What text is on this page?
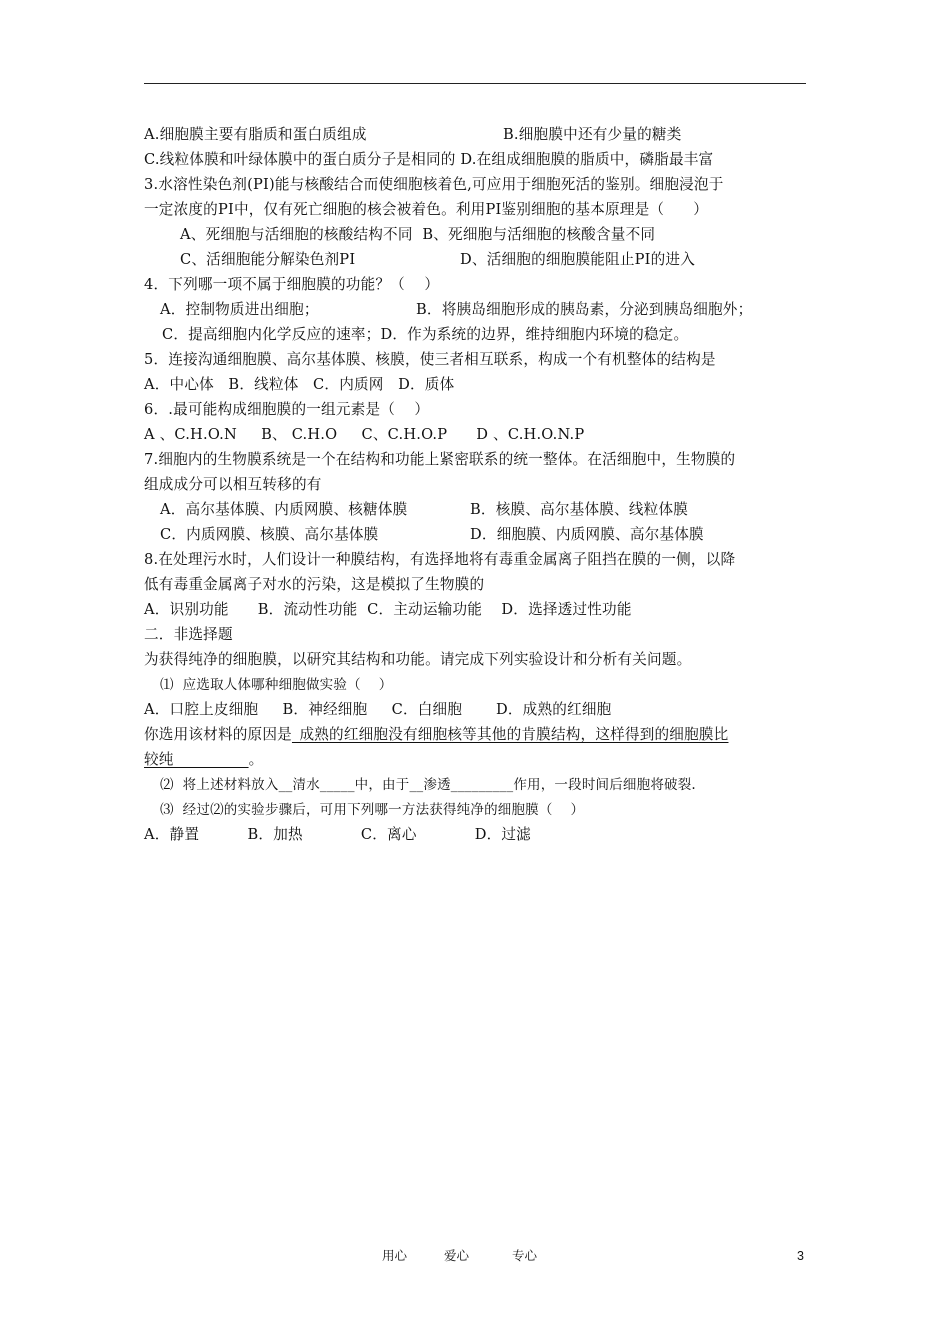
A.细胞膜主要有脂质和蛋白质组成	B.细胞膜中还有少量的糖类
C.线粒体膜和叶绿体膜中的蛋白质分子是相同的 D.在组成细胞膜的脂质中，磷脂最丰富
3.水溶性染色剂(PI)能与核酸结合而使细胞核着色,可应用于细胞死活的鉴别。细胞浸泡于
一定浓度的PI中，仅有死亡细胞的核会被着色。利用PI鉴别细胞的基本原理是（      ）
A、死细胞与活细胞的核酸结构不同  B、死细胞与活细胞的核酸含量不同
C、活细胞能分解染色剂PI	D、活细胞的细胞膜能阻止PI的进入
4．下列哪一项不属于细胞膜的功能？（    ）
A．控制物质进出细胞；	B．将胰岛细胞形成的胰岛素，分泌到胰岛细胞外；
C．提高细胞内化学反应的速率；D．作为系统的边界，维持细胞内环境的稳定。
5．连接沟通细胞膜、高尔基体膜、核膜，使三者相互联系，构成一个有机整体的结构是
A．中心体   B．线粒体   C．内质网   D．质体
6．.最可能构成细胞膜的一组元素是（    ）
A 、C.H.O.N     B、 C.H.O     C、C.H.O.P      D 、C.H.O.N.P
7.细胞内的生物膜系统是一个在结构和功能上紧密联系的统一整体。在活细胞中，生物膜的
组成成分可以相互转移的有
A．高尔基体膜、内质网膜、核糖体膜	B．核膜、高尔基体膜、线粒体膜
C．内质网膜、核膜、高尔基体膜	D．细胞膜、内质网膜、高尔基体膜
8.在处理污水时，人们设计一种膜结构，有选择地将有毒重金属离子阻挡在膜的一侧，以降
低有毒重金属离子对水的污染，这是模拟了生物膜的
A．识别功能      B．流动性功能  C．主动运输功能    D．选择透过性功能
二．非选择题
为获得纯净的细胞膜，以研究其结构和功能。请完成下列实验设计和分析有关问题。
⑴  应选取人体哪种细胞做实验（    ）
A．口腔上皮细胞     B．神经细胞     C．白细胞       D．成熟的红细胞
你选用该材料的原因是_成熟的红细胞没有细胞核等其他的肯膜结构，这样得到的细胞膜比
较纯__________。
⑵  将上述材料放入__清水_____中，由于__渗透_________作用，一段时间后细胞将破裂.
⑶  经过⑵的实验步骤后，可用下列哪一方法获得纯净的细胞膜（    ）
A．静置          B．加热            C．离心            D．过滤
用心	爱心	专心	3
